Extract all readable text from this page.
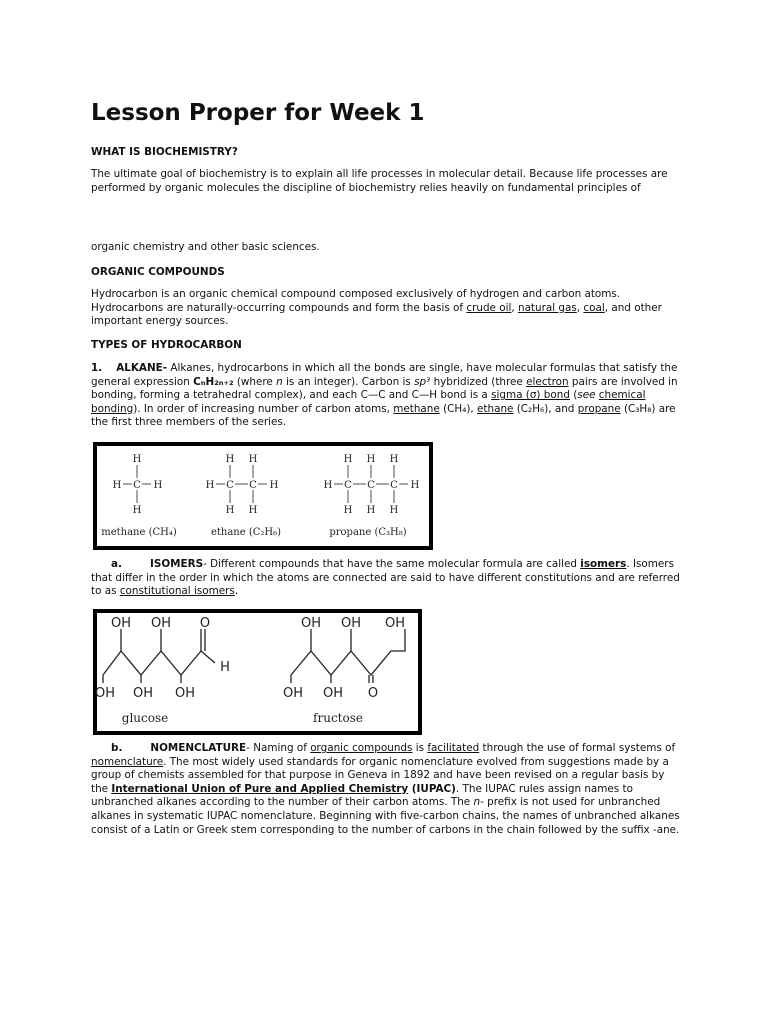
Lesson Proper for Week 1

WHAT IS BIOCHEMISTRY?

The ultimate goal of biochemistry is to explain all life processes in molecular detail. Because life processes are performed by organic molecules the discipline of biochemistry relies heavily on fundamental principles of

organic chemistry and other basic sciences.

ORGANIC COMPOUNDS

Hydrocarbon is an organic chemical compound composed exclusively of hydrogen and carbon atoms. Hydrocarbons are naturally-occurring compounds and form the basis of crude oil, natural gas, coal, and other important energy sources.

TYPES OF HYDROCARBON

1. ALKANE- Alkanes, hydrocarbons in which all the bonds are single, have molecular formulas that satisfy the general expression CₙH₂ₙ₊₂ (where n is an integer). Carbon is sp³ hybridized (three electron pairs are involved in bonding, forming a tetrahedral complex), and each C—C and C—H bond is a sigma (σ) bond (see chemical bonding). In order of increasing number of carbon atoms, methane (CH₄), ethane (C₂H₆), and propane (C₃H₈) are the first three members of the series.

H
H C H
H
H H
H C C H
H H
H H H
H C C C H
H H H
methane (CH₄)	ethane (C₂H₆)	propane (C₃H₈)

a.	ISOMERS- Different compounds that have the same molecular formula are called isomers. Isomers that differ in the order in which the atoms are connected are said to have different constitutions and are referred to as constitutional isomers.

OH OH O
H
OH OH OH
OH OH OH
OH OH O
glucose	fructose

b.	NOMENCLATURE- Naming of organic compounds is facilitated through the use of formal systems of nomenclature. The most widely used standards for organic nomenclature evolved from suggestions made by a group of chemists assembled for that purpose in Geneva in 1892 and have been revised on a regular basis by the International Union of Pure and Applied Chemistry (IUPAC). The IUPAC rules assign names to unbranched alkanes according to the number of their carbon atoms. The n- prefix is not used for unbranched alkanes in systematic IUPAC nomenclature. Beginning with five-carbon chains, the names of unbranched alkanes consist of a Latin or Greek stem corresponding to the number of carbons in the chain followed by the suffix -ane.
